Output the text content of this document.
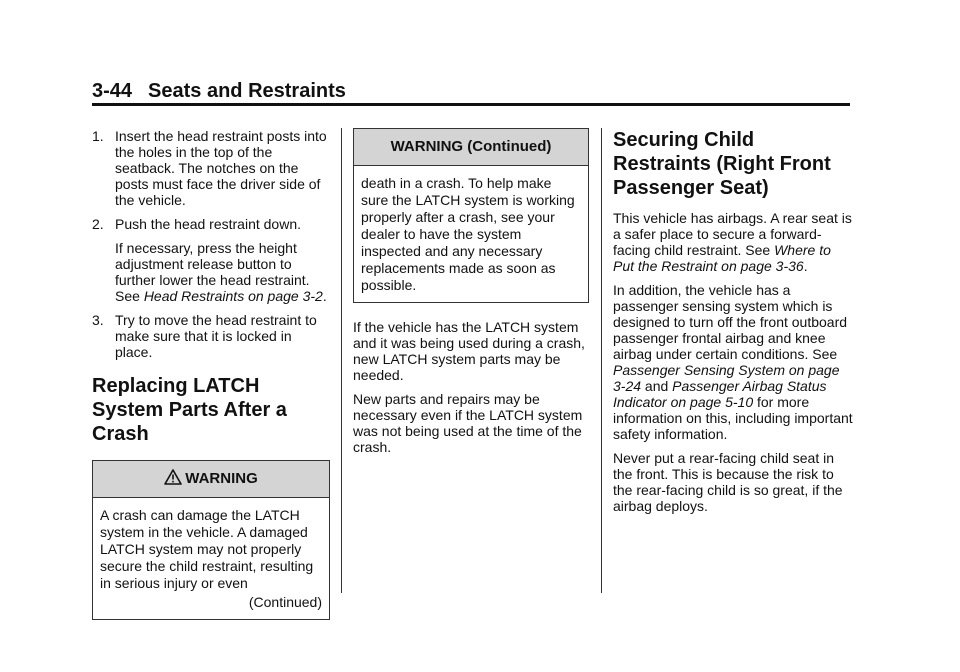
3-44 Seats and Restraints
1. Insert the head restraint posts into the holes in the top of the seatback. The notches on the posts must face the driver side of the vehicle.
2. Push the head restraint down.
If necessary, press the height adjustment release button to further lower the head restraint. See Head Restraints on page 3-2.
3. Try to move the head restraint to make sure that it is locked in place.
Replacing LATCH System Parts After a Crash
WARNING
A crash can damage the LATCH system in the vehicle. A damaged LATCH system may not properly secure the child restraint, resulting in serious injury or even
(Continued)
WARNING (Continued)
death in a crash. To help make sure the LATCH system is working properly after a crash, see your dealer to have the system inspected and any necessary replacements made as soon as possible.

If the vehicle has the LATCH system and it was being used during a crash, new LATCH system parts may be needed.

New parts and repairs may be necessary even if the LATCH system was not being used at the time of the crash.

Securing Child Restraints (Right Front Passenger Seat)

This vehicle has airbags. A rear seat is a safer place to secure a forward-facing child restraint. See Where to Put the Restraint on page 3-36.

In addition, the vehicle has a passenger sensing system which is designed to turn off the front outboard passenger frontal airbag and knee airbag under certain conditions. See Passenger Sensing System on page 3-24 and Passenger Airbag Status Indicator on page 5-10 for more information on this, including important safety information.

Never put a rear-facing child seat in the front. This is because the risk to the rear-facing child is so great, if the airbag deploys.
